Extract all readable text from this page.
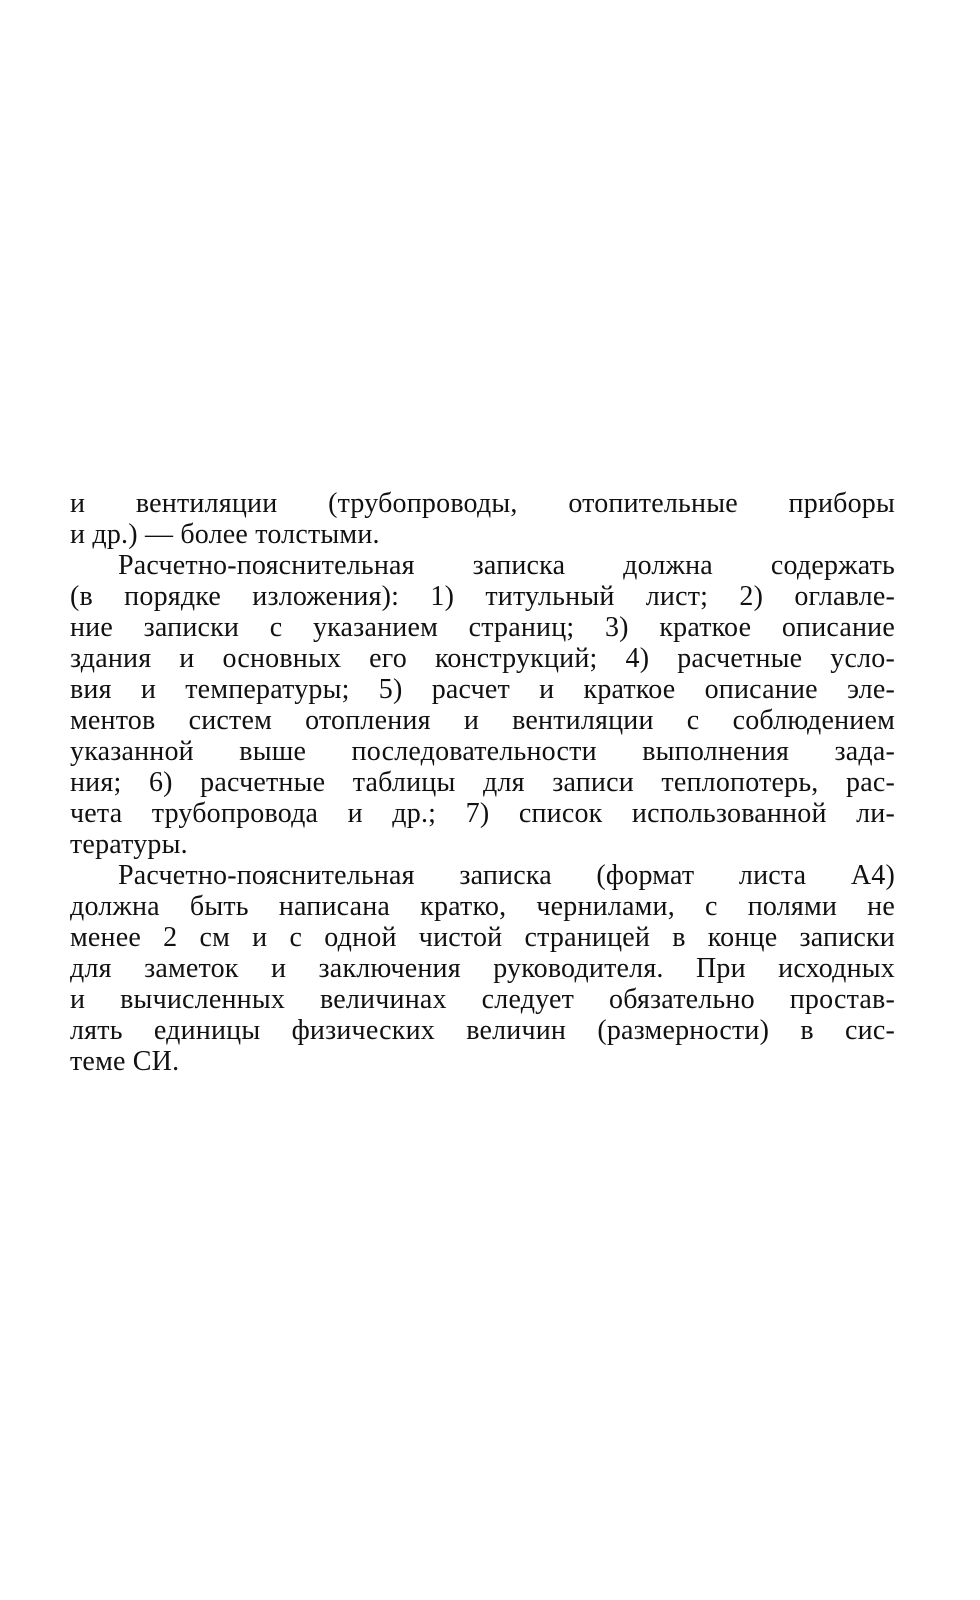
и вентиляции (трубопроводы, отопительные приборы
и др.) — более толстыми.
Расчетно-пояснительная записка должна содержать
(в порядке изложения): 1) титульный лист; 2) оглавле-
ние записки с указанием страниц; 3) краткое описание
здания и основных его конструкций; 4) расчетные усло-
вия и температуры; 5) расчет и краткое описание эле-
ментов систем отопления и вентиляции с соблюдением
указанной выше последовательности выполнения зада-
ния; 6) расчетные таблицы для записи теплопотерь, рас-
чета трубопровода и др.; 7) список использованной ли-
тературы.
Расчетно-пояснительная записка (формат листа А4)
должна быть написана кратко, чернилами, с полями не
менее 2 см и с одной чистой страницей в конце записки
для заметок и заключения руководителя. При исходных
и вычисленных величинах следует обязательно простав-
лять единицы физических величин (размерности) в сис-
теме СИ.
